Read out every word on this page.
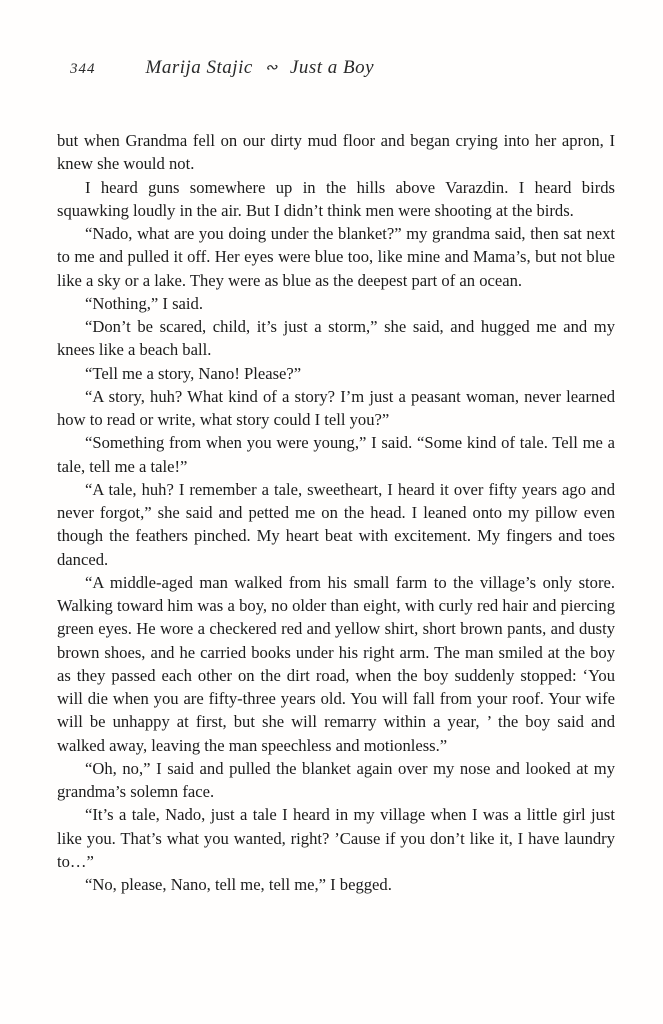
344	Marija Stajic ∾ Just a Boy

but when Grandma fell on our dirty mud floor and began crying into her apron, I knew she would not.

I heard guns somewhere up in the hills above Varazdin. I heard birds squawking loudly in the air. But I didn’t think men were shooting at the birds.

“Nado, what are you doing under the blanket?” my grandma said, then sat next to me and pulled it off. Her eyes were blue too, like mine and Mama’s, but not blue like a sky or a lake. They were as blue as the deepest part of an ocean.

“Nothing,” I said.

“Don’t be scared, child, it’s just a storm,” she said, and hugged me and my knees like a beach ball.

“Tell me a story, Nano! Please?”

“A story, huh? What kind of a story? I’m just a peasant woman, never learned how to read or write, what story could I tell you?”

“Something from when you were young,” I said. “Some kind of tale. Tell me a tale, tell me a tale!”

“A tale, huh? I remember a tale, sweetheart, I heard it over fifty years ago and never forgot,” she said and petted me on the head. I leaned onto my pillow even though the feathers pinched. My heart beat with excitement. My fingers and toes danced.

“A middle-aged man walked from his small farm to the village’s only store. Walking toward him was a boy, no older than eight, with curly red hair and piercing green eyes. He wore a checkered red and yellow shirt, short brown pants, and dusty brown shoes, and he carried books under his right arm. The man smiled at the boy as they passed each other on the dirt road, when the boy suddenly stopped: ‘You will die when you are fifty-three years old. You will fall from your roof. Your wife will be unhappy at first, but she will remarry within a year, ’ the boy said and walked away, leaving the man speechless and motionless.”

“Oh, no,” I said and pulled the blanket again over my nose and looked at my grandma’s solemn face.

“It’s a tale, Nado, just a tale I heard in my village when I was a little girl just like you. That’s what you wanted, right? ’Cause if you don’t like it, I have laundry to…”

“No, please, Nano, tell me, tell me,” I begged.
